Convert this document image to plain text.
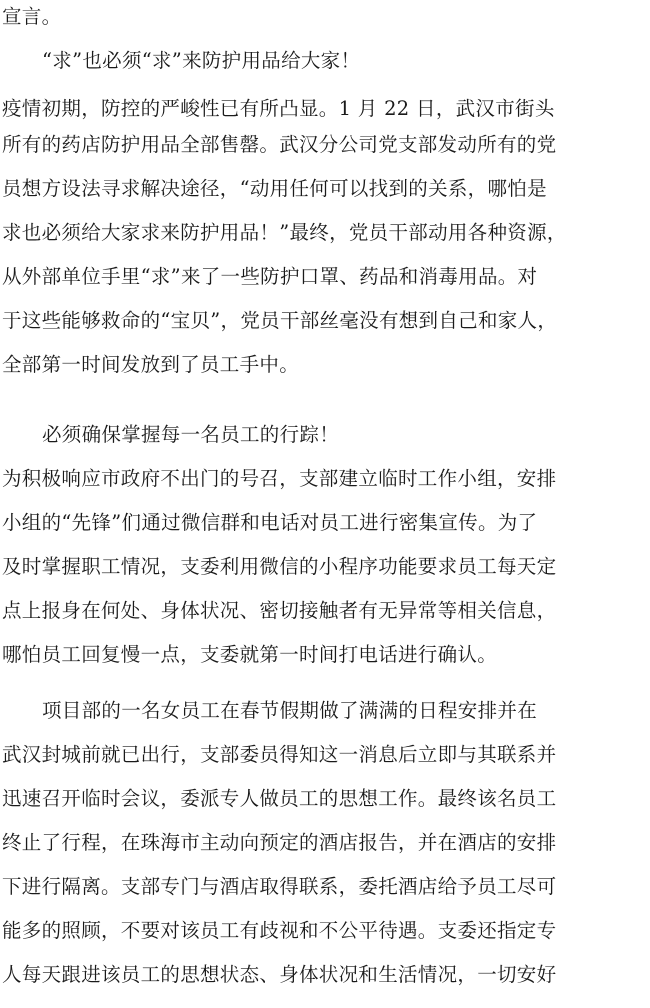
宣言。
“求”也必须“求”来防护用品给大家！
疫情初期，防控的严峻性已有所凸显。1 月 22 日，武汉市街头
所有的药店防护用品全部售罄。武汉分公司党支部发动所有的党
员想方设法寻求解决途径，“动用任何可以找到的关系，哪怕是
求也必须给大家求来防护用品！”最终，党员干部动用各种资源，
从外部单位手里“求”来了一些防护口罩、药品和消毒用品。对
于这些能够救命的“宝贝”，党员干部丝毫没有想到自己和家人，
全部第一时间发放到了员工手中。
必须确保掌握每一名员工的行踪！
为积极响应市政府不出门的号召，支部建立临时工作小组，安排
小组的“先锋”们通过微信群和电话对员工进行密集宣传。为了
及时掌握职工情况，支委利用微信的小程序功能要求员工每天定
点上报身在何处、身体状况、密切接触者有无异常等相关信息，
哪怕员工回复慢一点，支委就第一时间打电话进行确认。
项目部的一名女员工在春节假期做了满满的日程安排并在
武汉封城前就已出行，支部委员得知这一消息后立即与其联系并
迅速召开临时会议，委派专人做员工的思想工作。最终该名员工
终止了行程，在珠海市主动向预定的酒店报告，并在酒店的安排
下进行隔离。支部专门与酒店取得联系，委托酒店给予员工尽可
能多的照顾，不要对该员工有歧视和不公平待遇。支委还指定专
人每天跟进该员工的思想状态、身体状况和生活情况，一切安好
